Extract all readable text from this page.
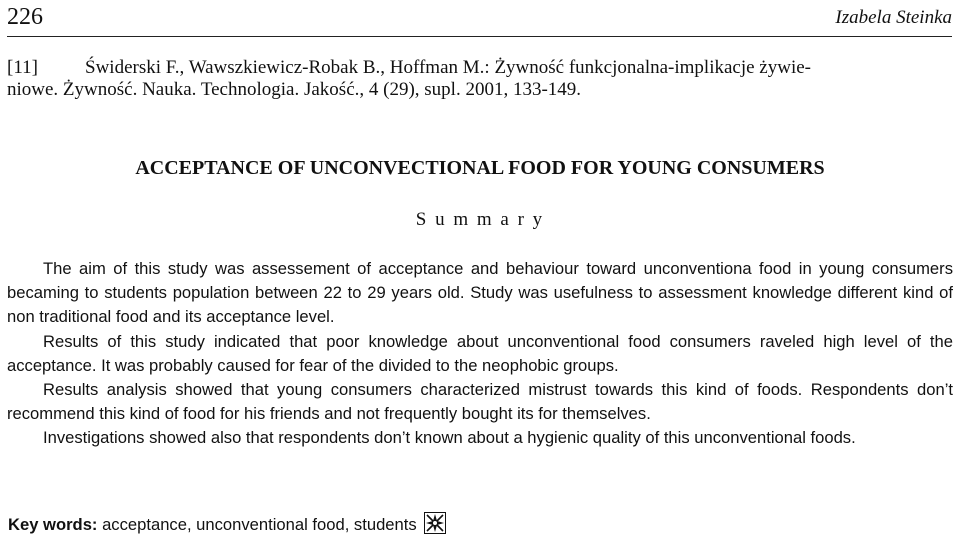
226	Izabela Steinka
[11] Świderski F., Wawszkiewicz-Robak B., Hoffman M.: Żywność funkcjonalna-implikacje żywie-
niowe. Żywność. Nauka. Technologia. Jakość., 4 (29), supl. 2001, 133-149.
ACCEPTANCE OF UNCONVECTIONAL FOOD FOR YOUNG CONSUMERS
S u m m a r y

The aim of this study was assessement of acceptance and behaviour toward unconventiona food in young consumers becaming to students population between 22 to 29 years old. Study was usefulness to assessment knowledge different kind of non traditional food and its acceptance level.

Results of this study indicated that poor knowledge about unconventional food consumers raveled high level of the acceptance. It was probably caused for fear of the divided to the neophobic groups.

Results analysis showed that young consumers characterized mistrust towards this kind of foods. Respondents don’t recommend this kind of food for his friends and not frequently bought its for themselves.

Investigations showed also that respondents don’t known about a hygienic quality of this unconventional foods.

Key words: acceptance, unconventional food, students
